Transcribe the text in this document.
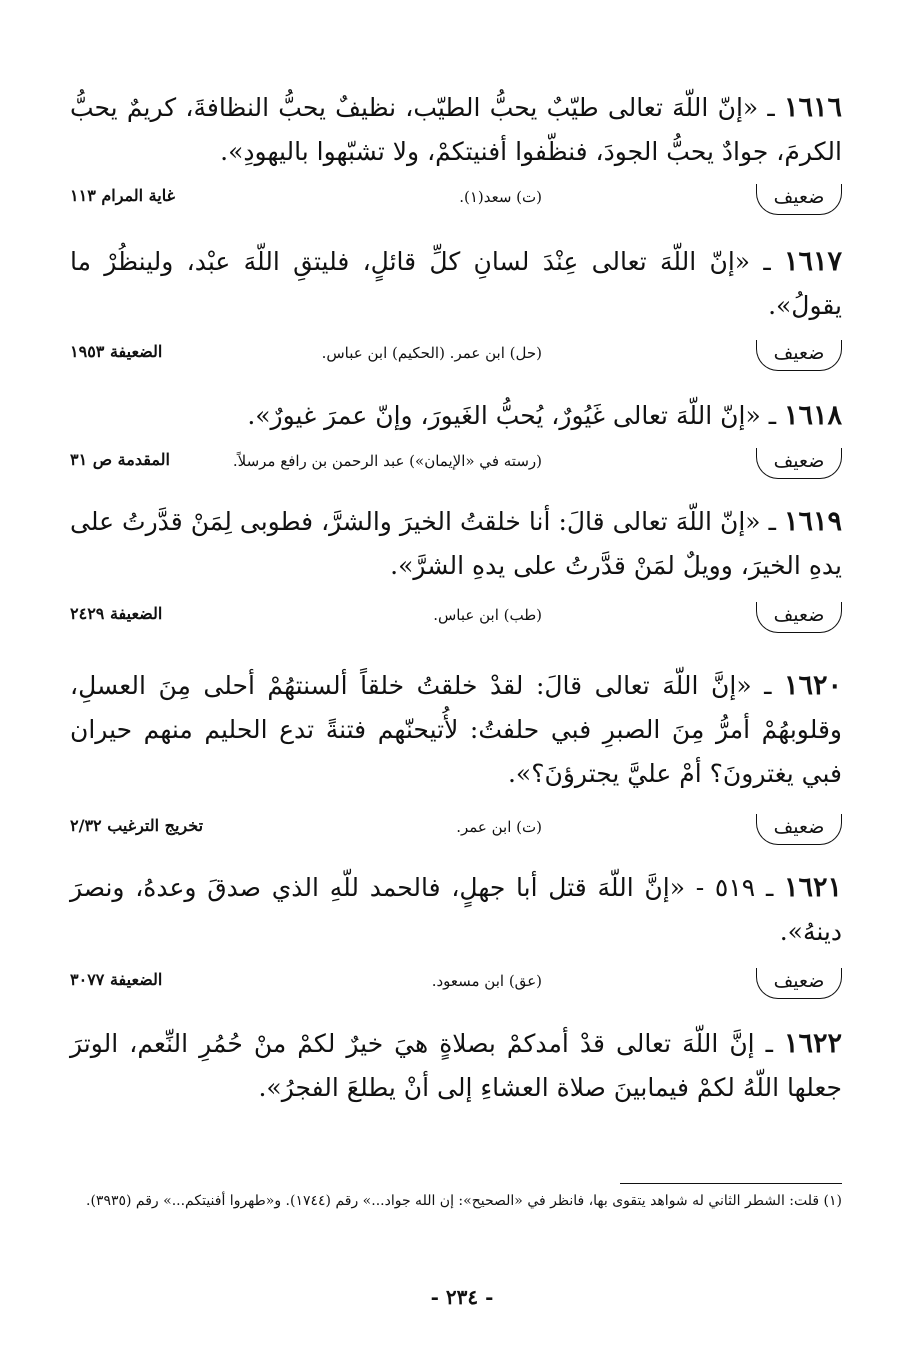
١٦١٦ ـ «إنّ اللّهَ تعالى طيّبٌ يحبُّ الطيّب، نظيفٌ يحبُّ النظافةَ، كريمٌ يحبُّ الكرمَ، جوادٌ يحبُّ الجودَ، فنظّفوا أفنيتكمْ، ولا تشبّهوا باليهودِ».
ضعيف
(ت) سعد(١).
غاية المرام ١١٣
١٦١٧ ـ «إنّ اللّهَ تعالى عِنْدَ لسانِ كلِّ قائلٍ، فليتقِ اللّهَ عبْد، ولينظُرْ ما يقولُ».
ضعيف
(حل) ابن عمر. (الحكيم) ابن عباس.
الضعيفة ١٩٥٣
١٦١٨ ـ «إنّ اللّهَ تعالى غَيُورٌ، يُحبُّ الغَيورَ، وإنّ عمرَ غيورٌ».
ضعيف
(رسته في «الإيمان») عبد الرحمن بن رافع مرسلاً.
المقدمة ص ٣١
١٦١٩ ـ «إنّ اللّهَ تعالى قالَ: أنا خلقتُ الخيرَ والشرَّ، فطوبى لِمَنْ قدَّرتُ على يدهِ الخيرَ، وويلٌ لمَنْ قدَّرتُ على يدهِ الشرَّ».
ضعيف
(طب) ابن عباس.
الضعيفة ٢٤٢٩
١٦٢٠ ـ «إنَّ اللّهَ تعالى قالَ: لقدْ خلقتُ خلقاً ألسنتهُمْ أحلى مِنَ العسلِ، وقلوبهُمْ أمرُّ مِنَ الصبرِ فبي حلفتُ: لأُتيحنّهم فتنةً تدع الحليم منهم حيران فبي يغترونَ؟ أمْ عليَّ يجترؤنَ؟».
ضعيف
(ت) ابن عمر.
تخريج الترغيب ٢/٣٢
١٦٢١ ـ ٥١٩ - «إنَّ اللّهَ قتل أبا جهلٍ، فالحمد للّهِ الذي صدقَ وعدهُ، ونصرَ دينهُ».
ضعيف
(عق) ابن مسعود.
الضعيفة ٣٠٧٧
١٦٢٢ ـ إنَّ اللّهَ تعالى قدْ أمدكمْ بصلاةٍ هيَ خيرٌ لكمْ منْ حُمُرِ النِّعم، الوترَ جعلها اللّهُ لكمْ فيمابينَ صلاة العشاءِ إلى أنْ يطلعَ الفجرُ».
(١) قلت: الشطر الثاني له شواهد يتقوى بها، فانظر في «الصحيح»: إن الله جواد...» رقم (١٧٤٤). و«طهروا أفنيتكم...» رقم (٣٩٣٥).
- ٢٣٤ -
